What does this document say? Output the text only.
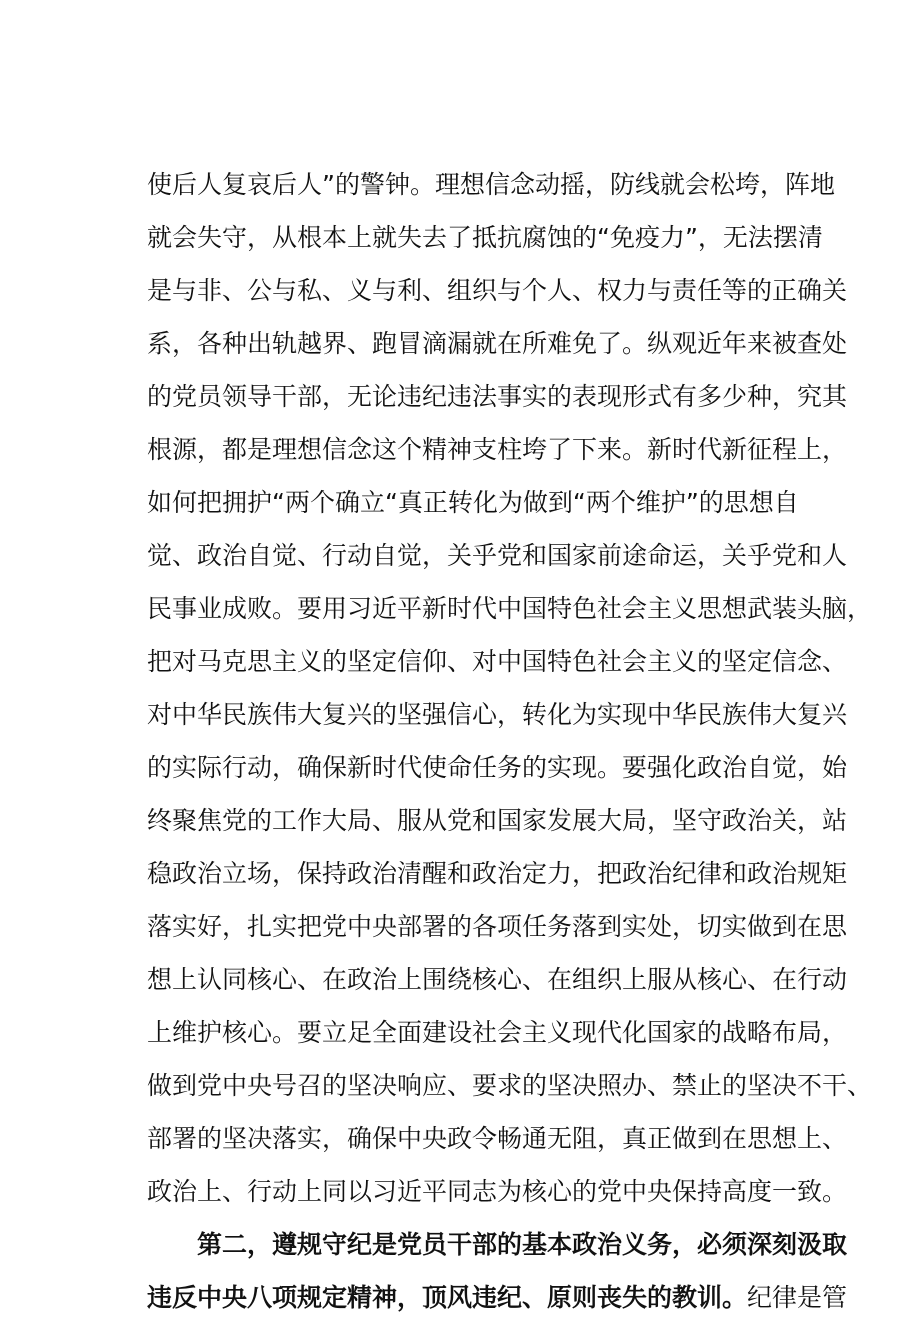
使后人复哀后人”的警钟。理想信念动摇，防线就会松垮，阵地
就会失守，从根本上就失去了抵抗腐蚀的“免疫力”，无法摆清
是与非、公与私、义与利、组织与个人、权力与责任等的正确关
系，各种出轨越界、跑冒滴漏就在所难免了。纵观近年来被查处
的党员领导干部，无论违纪违法事实的表现形式有多少种，究其
根源，都是理想信念这个精神支柱垮了下来。新时代新征程上，
如何把拥护“两个确立“真正转化为做到“两个维护”的思想自
觉、政治自觉、行动自觉，关乎党和国家前途命运，关乎党和人
民事业成败。要用习近平新时代中国特色社会主义思想武装头脑，
把对马克思主义的坚定信仰、对中国特色社会主义的坚定信念、
对中华民族伟大复兴的坚强信心，转化为实现中华民族伟大复兴
的实际行动，确保新时代使命任务的实现。要强化政治自觉，始
终聚焦党的工作大局、服从党和国家发展大局，坚守政治关，站
稳政治立场，保持政治清醒和政治定力，把政治纪律和政治规矩
落实好，扎实把党中央部署的各项任务落到实处，切实做到在思
想上认同核心、在政治上围绕核心、在组织上服从核心、在行动
上维护核心。要立足全面建设社会主义现代化国家的战略布局，
做到党中央号召的坚决响应、要求的坚决照办、禁止的坚决不干、
部署的坚决落实，确保中央政令畅通无阻，真正做到在思想上、
政治上、行动上同以习近平同志为核心的党中央保持高度一致。
第二，遵规守纪是党员干部的基本政治义务，必须深刻汲取
违反中央八项规定精神，顶风违纪、原则丧失的教训。纪律是管
